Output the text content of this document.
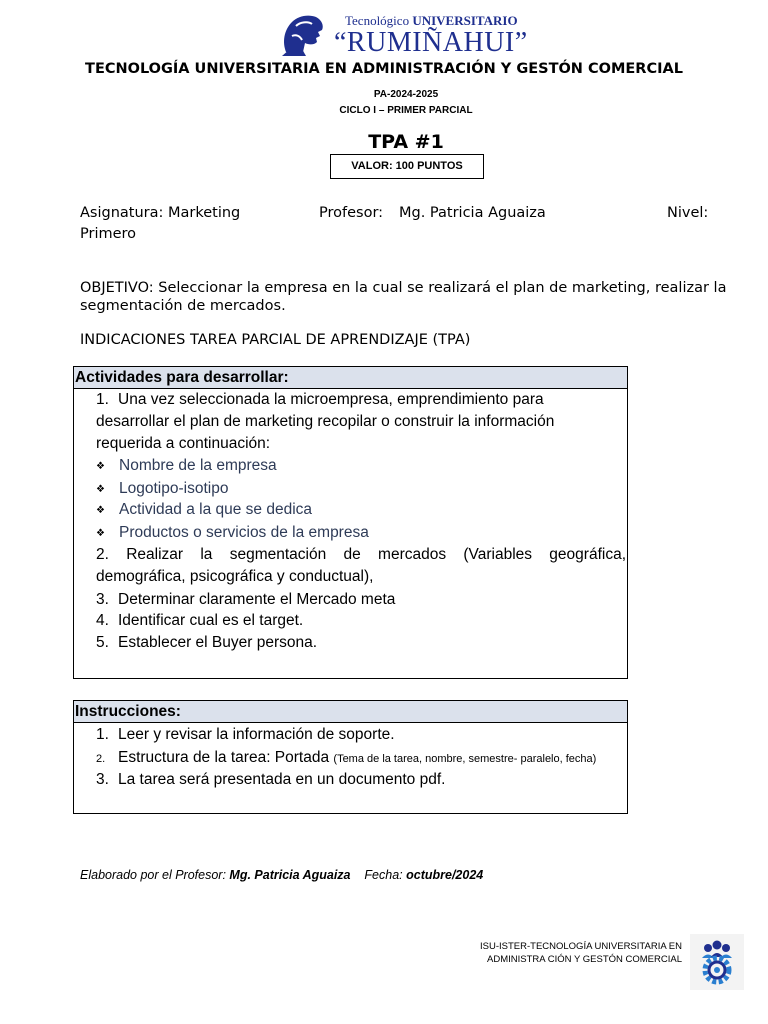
Tecnológico UNIVERSITARIO
“RUMIÑAHUI”
TECNOLOGÍA UNIVERSITARIA EN ADMINISTRACIÓN Y GESTÓN COMERCIAL
PA-2024-2025
CICLO I – PRIMER PARCIAL
TPA #1
VALOR: 100 PUNTOS
Asignatura: Marketing	Profesor: Mg. Patricia Aguaiza	Nivel:
Primero
OBJETIVO: Seleccionar la empresa en la cual se realizará el plan de marketing, realizar la segmentación de mercados.
INDICACIONES TAREA PARCIAL DE APRENDIZAJE (TPA)
Actividades para desarrollar:
1. Una vez seleccionada la microempresa, emprendimiento para
desarrollar el plan de marketing recopilar o construir la información
requerida a continuación:
❖ Nombre de la empresa
❖ Logotipo-isotipo
❖ Actividad a la que se dedica
❖ Productos o servicios de la empresa
2. Realizar la segmentación de mercados (Variables geográfica,
demográfica, psicográfica y conductual),
3. Determinar claramente el Mercado meta
4. Identificar cual es el target.
5. Establecer el Buyer persona.
Instrucciones:
1. Leer y revisar la información de soporte.
2. Estructura de la tarea: Portada (Tema de la tarea, nombre, semestre- paralelo, fecha)
3. La tarea será presentada en un documento pdf.
Elaborado por el Profesor: Mg. Patricia Aguaiza Fecha: octubre/2024
ISU-ISTER-TECNOLOGÍA UNIVERSITARIA EN
ADMINISTRA CIÓN Y GESTÓN COMERCIAL
